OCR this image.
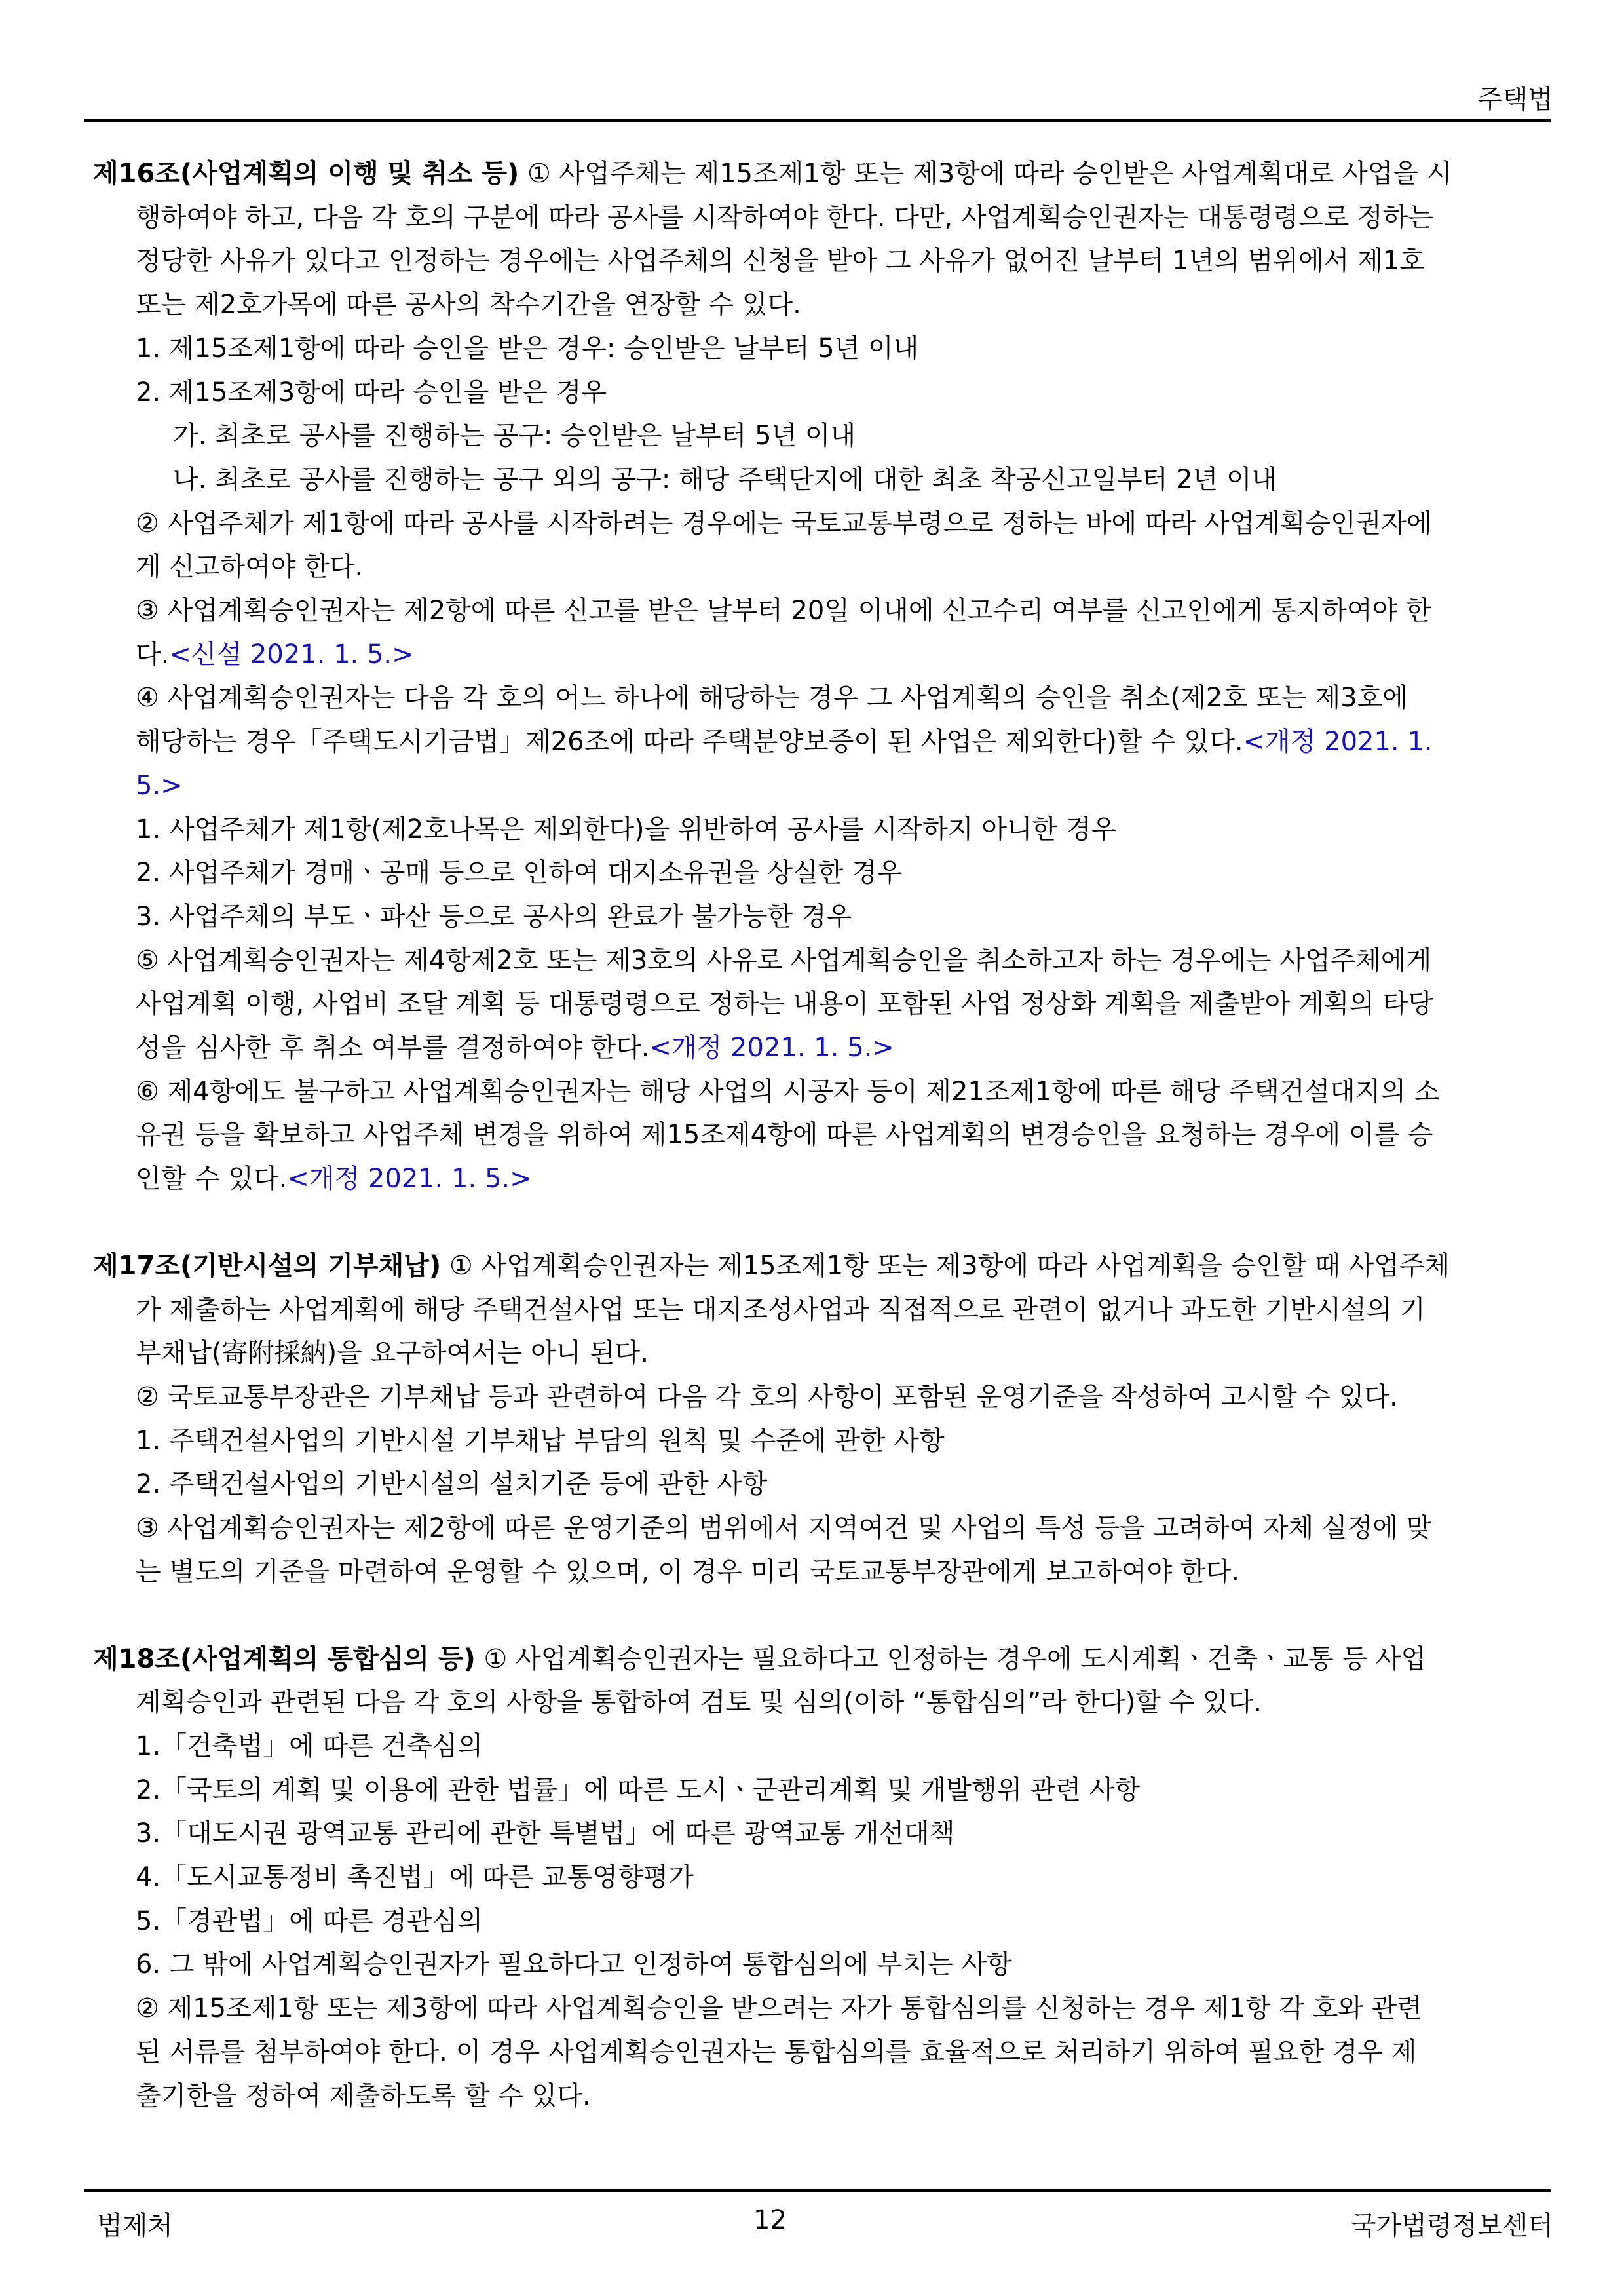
주택법
제16조(사업계획의 이행 및 취소 등) ① 사업주체는 제15조제1항 또는 제3항에 따라 승인받은 사업계획대로 사업을 시
행하여야 하고, 다음 각 호의 구분에 따라 공사를 시작하여야 한다. 다만, 사업계획승인권자는 대통령령으로 정하는
정당한 사유가 있다고 인정하는 경우에는 사업주체의 신청을 받아 그 사유가 없어진 날부터 1년의 범위에서 제1호
또는 제2호가목에 따른 공사의 착수기간을 연장할 수 있다.
1. 제15조제1항에 따라 승인을 받은 경우: 승인받은 날부터 5년 이내
2. 제15조제3항에 따라 승인을 받은 경우
가. 최초로 공사를 진행하는 공구: 승인받은 날부터 5년 이내
나. 최초로 공사를 진행하는 공구 외의 공구: 해당 주택단지에 대한 최초 착공신고일부터 2년 이내
② 사업주체가 제1항에 따라 공사를 시작하려는 경우에는 국토교통부령으로 정하는 바에 따라 사업계획승인권자에
게 신고하여야 한다.
③ 사업계획승인권자는 제2항에 따른 신고를 받은 날부터 20일 이내에 신고수리 여부를 신고인에게 통지하여야 한
다.<신설 2021. 1. 5.>
④ 사업계획승인권자는 다음 각 호의 어느 하나에 해당하는 경우 그 사업계획의 승인을 취소(제2호 또는 제3호에
해당하는 경우「주택도시기금법」제26조에 따라 주택분양보증이 된 사업은 제외한다)할 수 있다.<개정 2021. 1.
5.>
1. 사업주체가 제1항(제2호나목은 제외한다)을 위반하여 공사를 시작하지 아니한 경우
2. 사업주체가 경매ㆍ공매 등으로 인하여 대지소유권을 상실한 경우
3. 사업주체의 부도ㆍ파산 등으로 공사의 완료가 불가능한 경우
⑤ 사업계획승인권자는 제4항제2호 또는 제3호의 사유로 사업계획승인을 취소하고자 하는 경우에는 사업주체에게
사업계획 이행, 사업비 조달 계획 등 대통령령으로 정하는 내용이 포함된 사업 정상화 계획을 제출받아 계획의 타당
성을 심사한 후 취소 여부를 결정하여야 한다.<개정 2021. 1. 5.>
⑥ 제4항에도 불구하고 사업계획승인권자는 해당 사업의 시공자 등이 제21조제1항에 따른 해당 주택건설대지의 소
유권 등을 확보하고 사업주체 변경을 위하여 제15조제4항에 따른 사업계획의 변경승인을 요청하는 경우에 이를 승
인할 수 있다.<개정 2021. 1. 5.>
제17조(기반시설의 기부채납) ① 사업계획승인권자는 제15조제1항 또는 제3항에 따라 사업계획을 승인할 때 사업주체
가 제출하는 사업계획에 해당 주택건설사업 또는 대지조성사업과 직접적으로 관련이 없거나 과도한 기반시설의 기
부채납(寄附採納)을 요구하여서는 아니 된다.
② 국토교통부장관은 기부채납 등과 관련하여 다음 각 호의 사항이 포함된 운영기준을 작성하여 고시할 수 있다.
1. 주택건설사업의 기반시설 기부채납 부담의 원칙 및 수준에 관한 사항
2. 주택건설사업의 기반시설의 설치기준 등에 관한 사항
③ 사업계획승인권자는 제2항에 따른 운영기준의 범위에서 지역여건 및 사업의 특성 등을 고려하여 자체 실정에 맞
는 별도의 기준을 마련하여 운영할 수 있으며, 이 경우 미리 국토교통부장관에게 보고하여야 한다.
제18조(사업계획의 통합심의 등) ① 사업계획승인권자는 필요하다고 인정하는 경우에 도시계획ㆍ건축ㆍ교통 등 사업
계획승인과 관련된 다음 각 호의 사항을 통합하여 검토 및 심의(이하 “통합심의”라 한다)할 수 있다.
1.「건축법」에 따른 건축심의
2.「국토의 계획 및 이용에 관한 법률」에 따른 도시ㆍ군관리계획 및 개발행위 관련 사항
3.「대도시권 광역교통 관리에 관한 특별법」에 따른 광역교통 개선대책
4.「도시교통정비 촉진법」에 따른 교통영향평가
5.「경관법」에 따른 경관심의
6. 그 밖에 사업계획승인권자가 필요하다고 인정하여 통합심의에 부치는 사항
② 제15조제1항 또는 제3항에 따라 사업계획승인을 받으려는 자가 통합심의를 신청하는 경우 제1항 각 호와 관련
된 서류를 첨부하여야 한다. 이 경우 사업계획승인권자는 통합심의를 효율적으로 처리하기 위하여 필요한 경우 제
출기한을 정하여 제출하도록 할 수 있다.
법제처	12	국가법령정보센터
